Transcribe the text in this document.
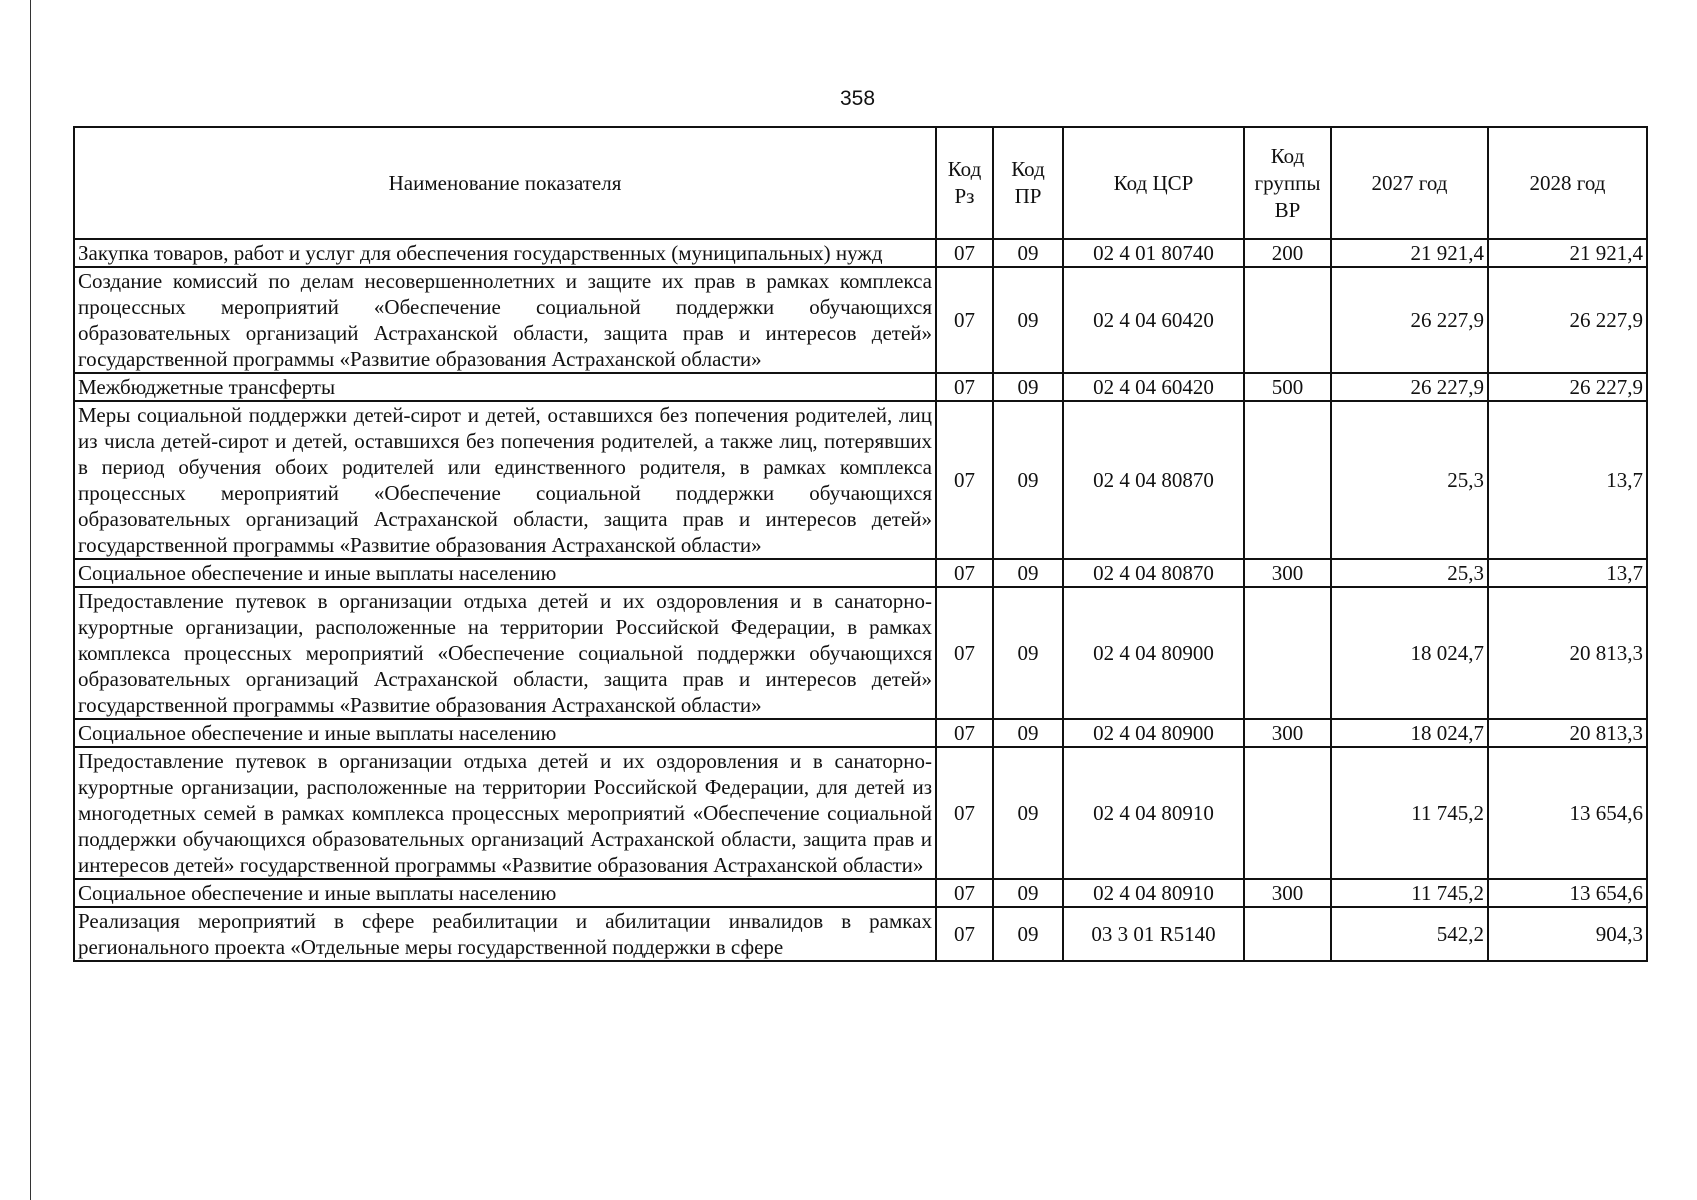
358
Наименование показателя	Код Рз	Код ПР	Код ЦСР	Код группы ВР	2027 год	2028 год
Закупка товаров, работ и услуг для обеспечения государственных (муниципальных) нужд	07	09	02 4 01 80740	200	21 921,4	21 921,4
Создание комиссий по делам несовершеннолетних и защите их прав в рамках комплекса процессных мероприятий «Обеспечение социальной поддержки обучающихся образовательных организаций Астраханской области, защита прав и интересов детей» государственной программы «Развитие образования Астраханской области»	07	09	02 4 04 60420		26 227,9	26 227,9
Межбюджетные трансферты	07	09	02 4 04 60420	500	26 227,9	26 227,9
Меры социальной поддержки детей-сирот и детей, оставшихся без попечения родителей, лиц из числа детей-сирот и детей, оставшихся без попечения родителей, а также лиц, потерявших в период обучения обоих родителей или единственного родителя, в рамках комплекса процессных мероприятий «Обеспечение социальной поддержки обучающихся образовательных организаций Астраханской области, защита прав и интересов детей» государственной программы «Развитие образования Астраханской области»	07	09	02 4 04 80870		25,3	13,7
Социальное обеспечение и иные выплаты населению	07	09	02 4 04 80870	300	25,3	13,7
Предоставление путевок в организации отдыха детей и их оздоровления и в санаторно-курортные организации, расположенные на территории Российской Федерации, в рамках комплекса процессных мероприятий «Обеспечение социальной поддержки обучающихся образовательных организаций Астраханской области, защита прав и интересов детей» государственной программы «Развитие образования Астраханской области»	07	09	02 4 04 80900		18 024,7	20 813,3
Социальное обеспечение и иные выплаты населению	07	09	02 4 04 80900	300	18 024,7	20 813,3
Предоставление путевок в организации отдыха детей и их оздоровления и в санаторно-курортные организации, расположенные на территории Российской Федерации, для детей из многодетных семей в рамках комплекса процессных мероприятий «Обеспечение социальной поддержки обучающихся образовательных организаций Астраханской области, защита прав и интересов детей» государственной программы «Развитие образования Астраханской области»	07	09	02 4 04 80910		11 745,2	13 654,6
Социальное обеспечение и иные выплаты населению	07	09	02 4 04 80910	300	11 745,2	13 654,6

Реализация мероприятий в сфере реабилитации и абилитации инвалидов в рамках регионального проекта «Отдельные меры государственной поддержки в сфере	07	09	03 3 01 R5140		542,2	904,3
